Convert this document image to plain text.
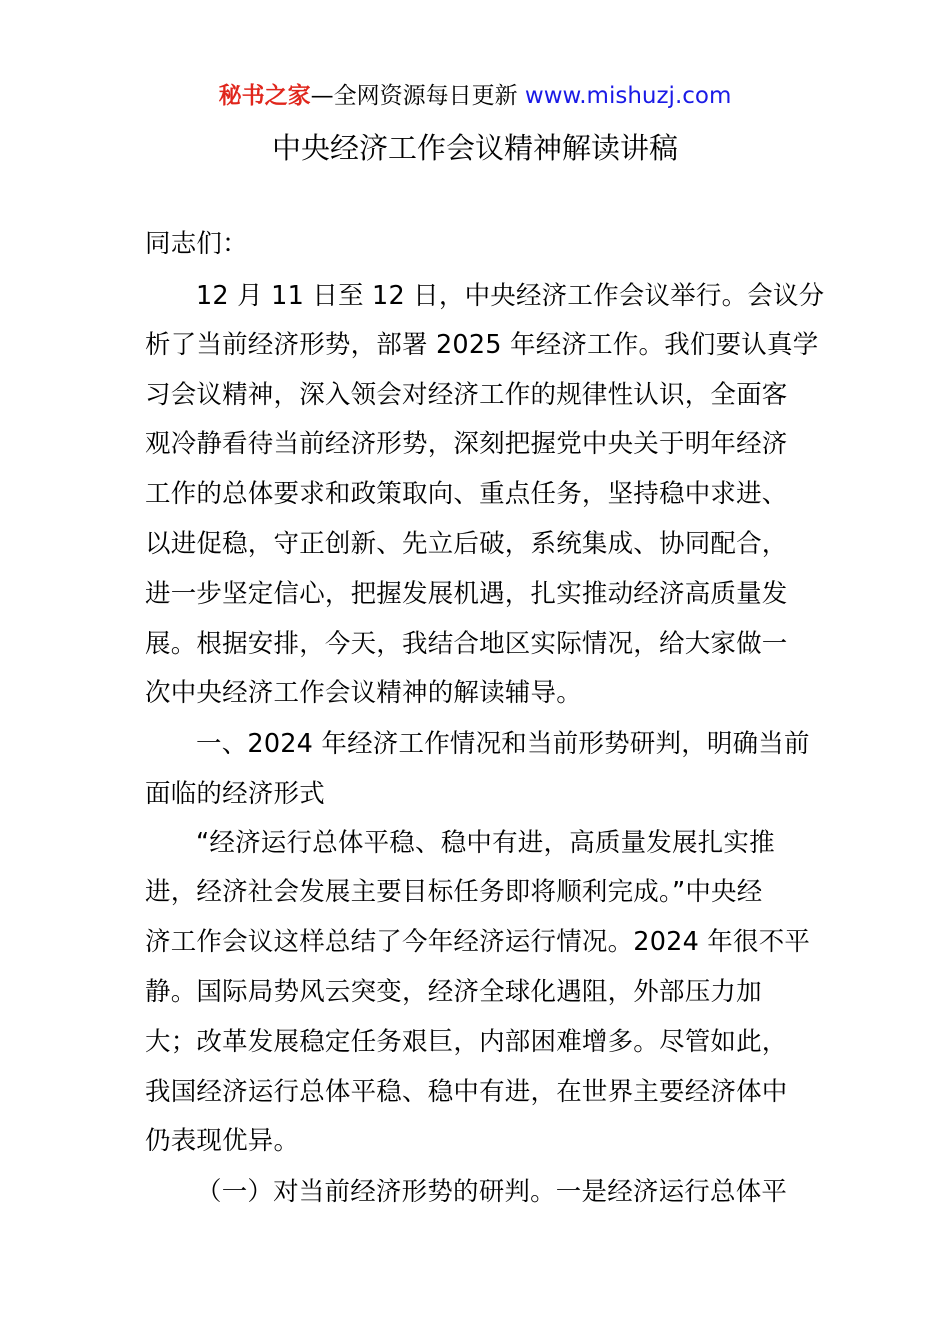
秘书之家—全网资源每日更新 www.mishuzj.com
中央经济工作会议精神解读讲稿
同志们：
12 月 11 日至 12 日，中央经济工作会议举行。会议分
析了当前经济形势，部署 2025 年经济工作。我们要认真学
习会议精神，深入领会对经济工作的规律性认识，全面客
观冷静看待当前经济形势，深刻把握党中央关于明年经济
工作的总体要求和政策取向、重点任务，坚持稳中求进、
以进促稳，守正创新、先立后破，系统集成、协同配合，
进一步坚定信心，把握发展机遇，扎实推动经济高质量发
展。根据安排，今天，我结合地区实际情况，给大家做一
次中央经济工作会议精神的解读辅导。
一、2024 年经济工作情况和当前形势研判，明确当前
面临的经济形式
“经济运行总体平稳、稳中有进，高质量发展扎实推
进，经济社会发展主要目标任务即将顺利完成。”中央经
济工作会议这样总结了今年经济运行情况。2024 年很不平
静。国际局势风云突变，经济全球化遇阻，外部压力加
大；改革发展稳定任务艰巨，内部困难增多。尽管如此，
我国经济运行总体平稳、稳中有进，在世界主要经济体中
仍表现优异。
（一）对当前经济形势的研判。一是经济运行总体平
